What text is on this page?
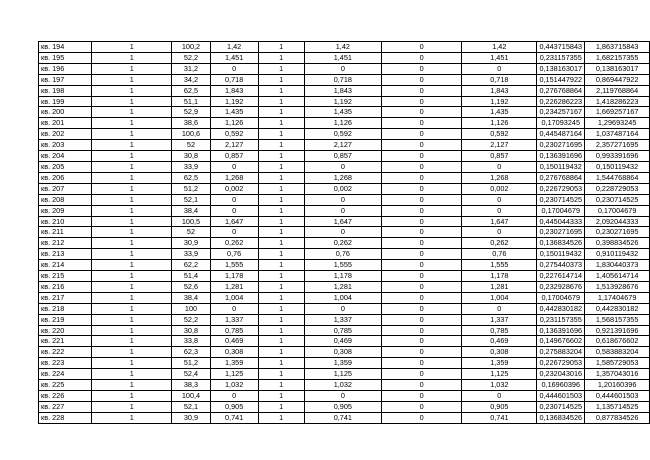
кв. 194	1	100,2	1,42	1	1,42	0	1,42	0,443715843	1,863715843
кв. 195	1	52,2	1,451	1	1,451	0	1,451	0,231157355	1,682157355
кв. 196	1	31,2	0	1	0	0	0	0,138163017	0,138163017
кв. 197	1	34,2	0,718	1	0,718	0	0,718	0,151447922	0,869447922
кв. 198	1	62,5	1,843	1	1,843	0	1,843	0,276768864	2,119768864
кв. 199	1	51,1	1,192	1	1,192	0	1,192	0,226286223	1,418286223
кв. 200	1	52,9	1,435	1	1,435	0	1,435	0,234257167	1,669257167
кв. 201	1	38,6	1,126	1	1,126	0	1,126	0,17093245	1,29693245
кв. 202	1	100,6	0,592	1	0,592	0	0,592	0,445487164	1,037487164
кв. 203	1	52	2,127	1	2,127	0	2,127	0,230271695	2,357271695
кв. 204	1	30,8	0,857	1	0,857	0	0,857	0,136391696	0,993391696
кв. 205	1	33,9	0	1	0	0	0	0,150119432	0,150119432
кв. 206	1	62,5	1,268	1	1,268	0	1,268	0,276768864	1,544768864
кв. 207	1	51,2	0,002	1	0,002	0	0,002	0,226729053	0,228729053
кв. 208	1	52,1	0	1	0	0	0	0,230714525	0,230714525
кв. 209	1	38,4	0	1	0	0	0	0,17004679	0,17004679
кв. 210	1	100,5	1,647	1	1,647	0	1,647	0,445044333	2,092044333
кв. 211	1	52	0	1	0	0	0	0,230271695	0,230271695
кв. 212	1	30,9	0,262	1	0,262	0	0,262	0,136834526	0,398834526
кв. 213	1	33,9	0,76	1	0,76	0	0,76	0,150119432	0,910119432
кв. 214	1	62,2	1,555	1	1,555	0	1,555	0,275440373	1,830440373
кв. 215	1	51,4	1,178	1	1,178	0	1,178	0,227614714	1,405614714
кв. 216	1	52,6	1,281	1	1,281	0	1,281	0,232928676	1,513928676
кв. 217	1	38,4	1,004	1	1,004	0	1,004	0,17004679	1,17404679
кв. 218	1	100	0	1	0	0	0	0,442830182	0,442830182
кв. 219	1	52,2	1,337	1	1,337	0	1,337	0,231157355	1,568157355
кв. 220	1	30,8	0,785	1	0,785	0	0,785	0,136391696	0,921391696
кв. 221	1	33,8	0,469	1	0,469	0	0,469	0,149676602	0,618676602
кв. 222	1	62,3	0,308	1	0,308	0	0,308	0,275883204	0,583883204
кв. 223	1	51,2	1,359	1	1,359	0	1,359	0,226729053	1,585729053
кв. 224	1	52,4	1,125	1	1,125	0	1,125	0,232043016	1,357043016
кв. 225	1	38,3	1,032	1	1,032	0	1,032	0,16960396	1,20160396
кв. 226	1	100,4	0	1	0	0	0	0,444601503	0,444601503
кв. 227	1	52,1	0,905	1	0,905	0	0,905	0,230714525	1,135714525
кв. 228	1	30,9	0,741	1	0,741	0	0,741	0,136834526	0,877834526
